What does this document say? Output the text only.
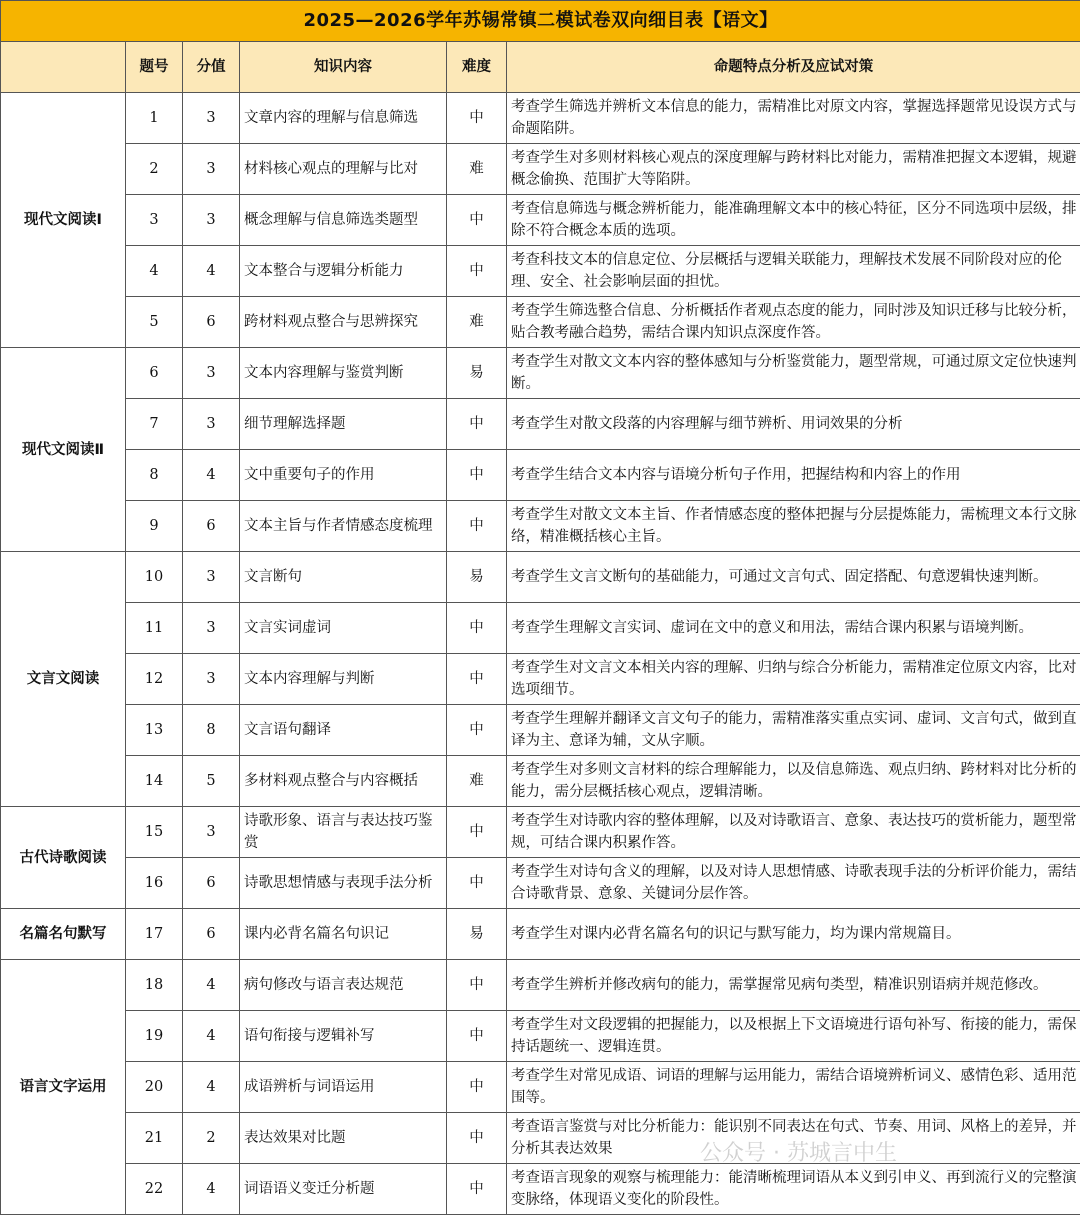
2025—2026学年苏锡常镇二模试卷双向细目表【语文】					
	题号	分值	知识内容	难度	命题特点分析及应试对策
现代文阅读Ⅰ	1	3	文章内容的理解与信息筛选	中	考查学生筛选并辨析文本信息的能力，需精准比对原文内容，掌握选择题常见设误方式与命题陷阱。
	2	3	材料核心观点的理解与比对	难	考查学生对多则材料核心观点的深度理解与跨材料比对能力，需精准把握文本逻辑，规避概念偷换、范围扩大等陷阱。
	3	3	概念理解与信息筛选类题型	中	考查信息筛选与概念辨析能力，能准确理解文本中的核心特征，区分不同选项中层级，排除不符合概念本质的选项。
	4	4	文本整合与逻辑分析能力	中	考查科技文本的信息定位、分层概括与逻辑关联能力，理解技术发展不同阶段对应的伦理、安全、社会影响层面的担忧。
	5	6	跨材料观点整合与思辨探究	难	考查学生筛选整合信息、分析概括作者观点态度的能力，同时涉及知识迁移与比较分析，贴合教考融合趋势，需结合课内知识点深度作答。
现代文阅读Ⅱ	6	3	文本内容理解与鉴赏判断	易	考查学生对散文文本内容的整体感知与分析鉴赏能力，题型常规，可通过原文定位快速判断。
	7	3	细节理解选择题	中	考查学生对散文段落的内容理解与细节辨析、用词效果的分析
	8	4	文中重要句子的作用	中	考查学生结合文本内容与语境分析句子作用，把握结构和内容上的作用
	9	6	文本主旨与作者情感态度梳理	中	考查学生对散文文本主旨、作者情感态度的整体把握与分层提炼能力，需梳理文本行文脉络，精准概括核心主旨。
文言文阅读	10	3	文言断句	易	考查学生文言文断句的基础能力，可通过文言句式、固定搭配、句意逻辑快速判断。
	11	3	文言实词虚词	中	考查学生理解文言实词、虚词在文中的意义和用法，需结合课内积累与语境判断。
	12	3	文本内容理解与判断	中	考查学生对文言文本相关内容的理解、归纳与综合分析能力，需精准定位原文内容，比对选项细节。
	13	8	文言语句翻译	中	考查学生理解并翻译文言文句子的能力，需精准落实重点实词、虚词、文言句式，做到直译为主、意译为辅，文从字顺。
	14	5	多材料观点整合与内容概括	难	考查学生对多则文言材料的综合理解能力，以及信息筛选、观点归纳、跨材料对比分析的能力，需分层概括核心观点，逻辑清晰。
古代诗歌阅读	15	3	诗歌形象、语言与表达技巧鉴赏	中	考查学生对诗歌内容的整体理解，以及对诗歌语言、意象、表达技巧的赏析能力，题型常规，可结合课内积累作答。
	16	6	诗歌思想情感与表现手法分析	中	考查学生对诗句含义的理解，以及对诗人思想情感、诗歌表现手法的分析评价能力，需结合诗歌背景、意象、关键词分层作答。
名篇名句默写	17	6	课内必背名篇名句识记	易	考查学生对课内必背名篇名句的识记与默写能力，均为课内常规篇目。
语言文字运用	18	4	病句修改与语言表达规范	中	考查学生辨析并修改病句的能力，需掌握常见病句类型，精准识别语病并规范修改。
	19	4	语句衔接与逻辑补写	中	考查学生对文段逻辑的把握能力，以及根据上下文语境进行语句补写、衔接的能力，需保持话题统一、逻辑连贯。
	20	4	成语辨析与词语运用	中	考查学生对常见成语、词语的理解与运用能力，需结合语境辨析词义、感情色彩、适用范围等。
	21	2	表达效果对比题	中	考查语言鉴赏与对比分析能力：能识别不同表达在句式、节奏、用词、风格上的差异，并分析其表达效果
	22	4	词语语义变迁分析题	中	考查语言现象的观察与梳理能力：能清晰梳理词语从本义到引申义、再到流行义的完整演变脉络，体现语义变化的阶段性。
公众号 · 苏城言中生
